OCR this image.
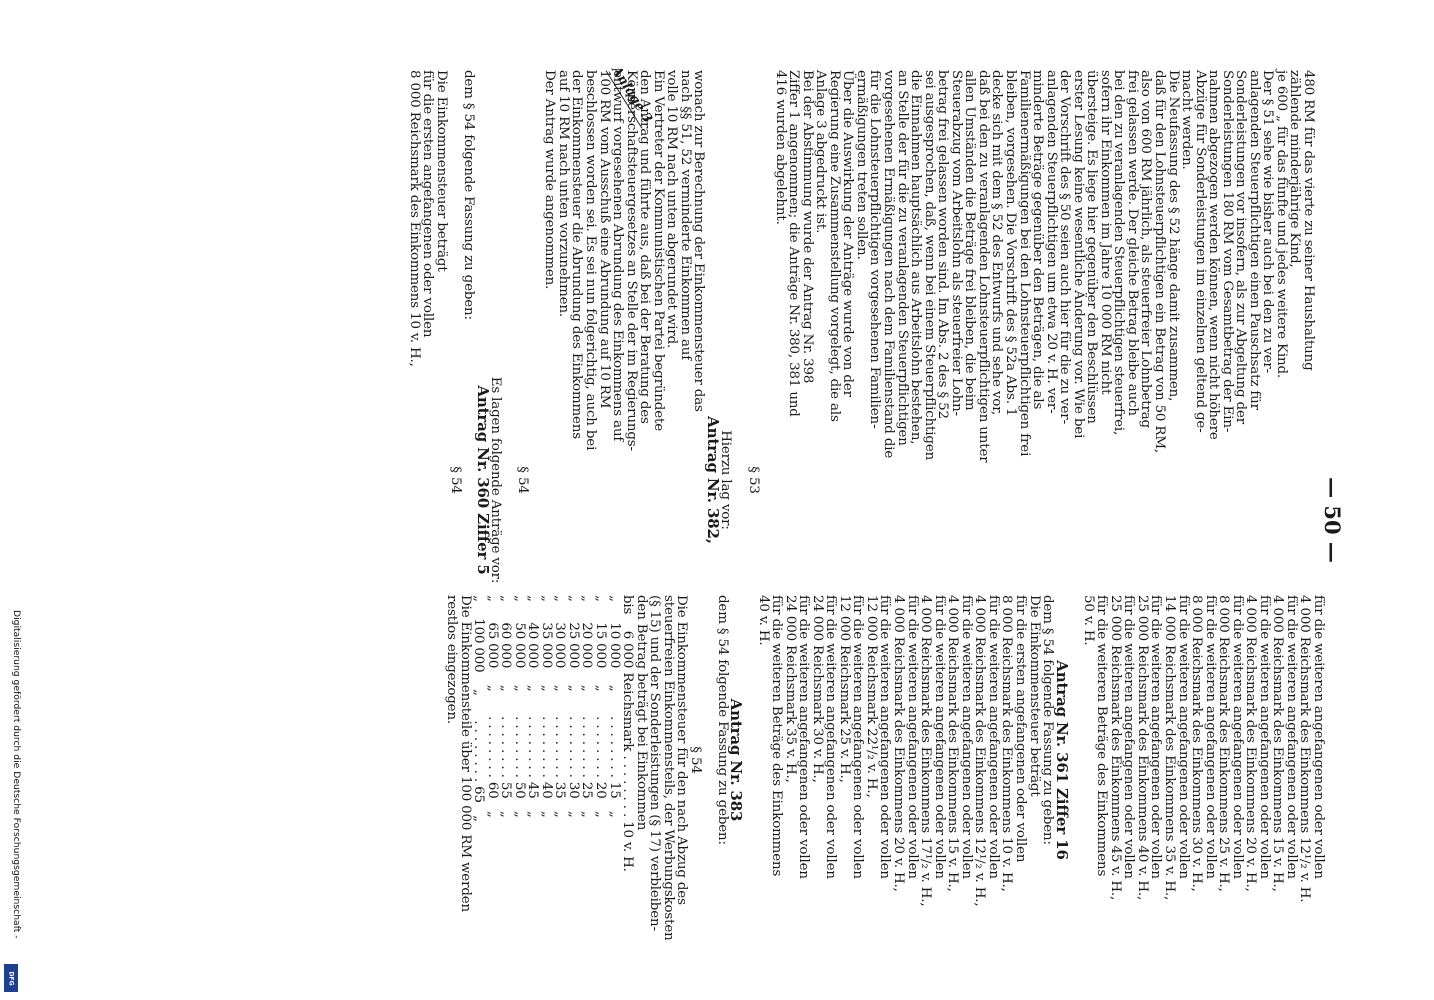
— 50 —
Anlage 3	480 RM für das vierte zu seiner Haushaltung
zählende minderjährige Kind,
je 600 „ für das fünfte und jedes weitere Kind.
Der § 51 sehe wie bisher auch bei den zu ver-
anlagenden Steuerpflichtigen einen Pauschsatz für
Sonderleistungen vor insofern, als zur Abgeltung der
Sonderleistungen 180 RM vom Gesamtbetrag der Ein-
nahmen abgezogen werden können, wenn nicht höhere
Abzüge für Sonderleistungen im einzelnen geltend ge-
macht werden.
Die Neufassung des § 52 hänge damit zusammen,
daß für den Lohnsteuerpflichtigen ein Betrag von 50 RM,
also von 600 RM jährlich, als steuerfreier Lohnbetrag
frei gelassen werde. Der gleiche Betrag bleibe auch
bei den zu veranlagenden Steuerpflichtigen steuerfrei,
sofern ihr Einkommen im Jahre 10 000 RM nicht
übersteige. Es liege hier gegenüber den Beschlüssen
erster Lesung keine wesentliche Änderung vor. Wie bei
der Vorschrift des § 50 seien auch hier für die zu ver-
anlagenden Steuerpflichtigen um etwa 20 v. H. ver-
minderte Beträge gegenüber den Beträgen, die als
Familienermäßigungen bei den Lohnsteuerpflichtigen frei
bleiben, vorgesehen. Die Vorschrift des § 52a Abs. 1
decke sich mit dem § 52 des Entwurfs und sehe vor,
daß bei den zu veranlagenden Lohnsteuerpflichtigen unter
allen Umständen die Beträge frei bleiben, die beim
Steuerabzug vom Arbeitslohn als steuerfreier Lohn-
betrag frei gelassen worden sind. Im Abs. 2 des § 52
sei ausgesprochen, daß, wenn bei einem Steuerpflichtigen
die Einnahmen hauptsächlich aus Arbeitslohn bestehen,
an Stelle der für die zu veranlagenden Steuerpflichtigen
vorgesehenen Ermäßigungen nach dem Familienstand die
für die Lohnsteuerpflichtigen vorgesehenen Familien-
ermäßigungen treten sollen.
Über die Auswirkung der Anträge wurde von der
Regierung eine Zusammenstellung vorgelegt, die als
Anlage 3 abgedruckt ist.
Bei der Abstimmung wurde der Antrag Nr. 398
Ziffer 1 angenommen; die Anträge Nr. 380, 381 und
416 wurden abgelehnt.
§ 53
Hierzu lag vor:
Antrag Nr. 382,
wonach zur Berechnung der Einkommensteuer das
nach §§ 51, 52 verminderte Einkommen auf
volle 10 RM nach unten abgerundet wird.
Ein Vertreter der Kommunistischen Partei begründete
den Antrag und führte aus, daß bei der Beratung des
Körperschaftsteuergesetzes an Stelle der im Regierungs-
entwurf vorgesehenen Abrundung des Einkommens auf
100 RM vom Ausschuß eine Abrundung auf 10 RM
beschlossen worden sei. Es sei nun folgerichtig, auch bei
der Einkommensteuer die Abrundung des Einkommens
auf 10 RM nach unten vorzunehmen.
Der Antrag wurde angenommen.
§ 54
Es lagen folgende Anträge vor:
Antrag Nr. 360 Ziffer 5
dem § 54 folgende Fassung zu geben:
§ 54
Die Einkommensteuer beträgt
für die ersten angefangenen oder vollen
8 000 Reichsmark des Einkommens 10 v. H.,
für die weiteren angefangenen oder vollen
4 000 Reichsmark des Einkommens 12¹/₂ v. H.
für die weiteren angefangenen oder vollen
4 000 Reichsmark des Einkommens 15 v. H.,
für die weiteren angefangenen oder vollen
4 000 Reichsmark des Einkommens 20 v. H.,
für die weiteren angefangenen oder vollen
8 000 Reichsmark des Einkommens 25 v. H.,
für die weiteren angefangenen oder vollen
8 000 Reichsmark des Einkommens 30 v. H.,
für die weiteren angefangenen oder vollen
14 000 Reichsmark des Einkommens 35 v. H.,
für die weiteren angefangenen oder vollen
25 000 Reichsmark des Einkommens 40 v. H.,
für die weiteren angefangenen oder vollen
25 000 Reichsmark des Einkommens 45 v. H.,
für die weiteren Beträge des Einkommens
50 v. H.
Antrag Nr. 361 Ziffer 16
dem § 54 folgende Fassung zu geben:
Die Einkommensteuer beträgt
für die ersten angefangenen oder vollen
8 000 Reichsmark des Einkommens 10 v. H.,
für die weiteren angefangenen oder vollen
4 000 Reichsmark des Einkommens 12¹/₂ v. H.,
für die weiteren angefangenen oder vollen
4 000 Reichsmark des Einkommens 15 v. H.,
für die weiteren angefangenen oder vollen
4 000 Reichsmark des Einkommens 17¹/₂ v. H.,
für die weiteren angefangenen oder vollen
4 000 Reichsmark des Einkommens 20 v. H.,
für die weiteren angefangenen oder vollen
12 000 Reichsmark 22¹/₂ v. H.,
für die weiteren angefangenen oder vollen
12 000 Reichsmark 25 v. H.,
für die weiteren angefangenen oder vollen
24 000 Reichsmark 30 v. H.,
für die weiteren angefangenen oder vollen
24 000 Reichsmark 35 v. H.,
für die weiteren Beträge des Einkommens
40 v. H.
Antrag Nr. 383
dem § 54 folgende Fassung zu geben:
§ 54
Die Einkommensteuer für den nach Abzug des
steuerfreien Einkommensteils, der Werbungskosten
(§ 15) und der Sonderleistungen (§ 17) verbleiben-
den Betrag beträgt bei Einkommen
bis    6 000 Reichsmark . . . . . . . . 10 v. H.
„     10 000    „      . . . . . . . . 15   „
„     15 000    „      . . . . . . . . 20   „
„     20 000    „      . . . . . . . . 25   „
„     25 000    „      . . . . . . . . 30   „
„     30 000    „      . . . . . . . . 35   „
„     35 000    „      . . . . . . . . 40   „
„     40 000    „      . . . . . . . . 45   „
„     50 000    „      . . . . . . . . 50   „
„     60 000    „      . . . . . . . . 55   „
„     65 000    „      . . . . . . . . 60   „
„    100 000    „      . . . . . . . . 65   „
Die Einkommensteile über 100 000 RM werden
restlos eingezogen.
Digitalisierung gefördert durch die Deutsche Forschungsgemeinschaft -
DFG
